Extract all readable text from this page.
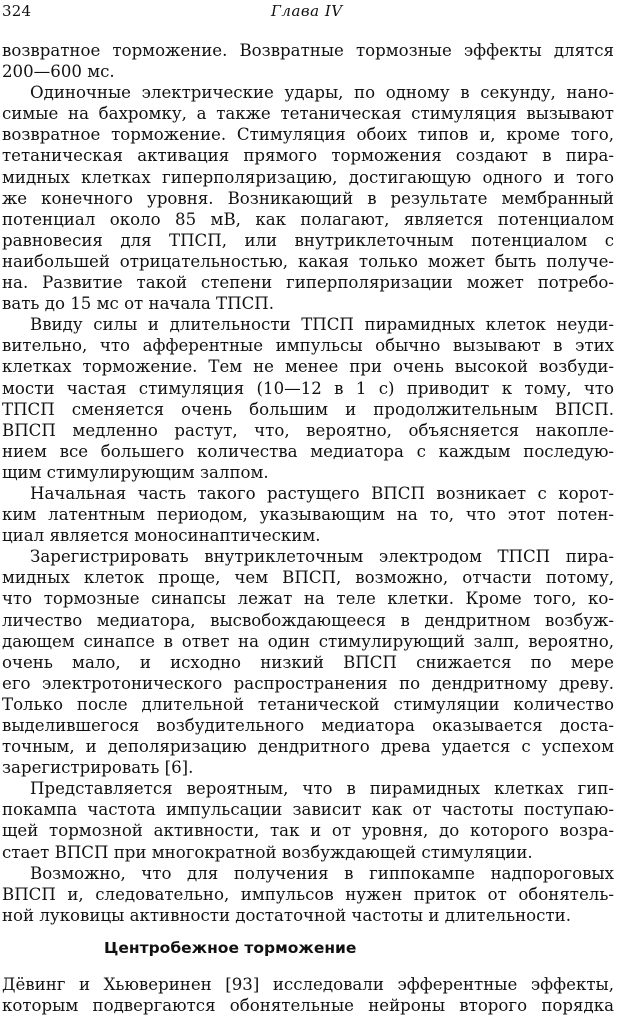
324	Глава IV
возвратное торможение. Возвратные тормозные эффекты длятся
200—600 мс.
Одиночные электрические удары, по одному в секунду, нано-
симые на бахромку, а также тетаническая стимуляция вызывают
возвратное торможение. Стимуляция обоих типов и, кроме того,
тетаническая активация прямого торможения создают в пира-
мидных клетках гиперполяризацию, достигающую одного и того
же конечного уровня. Возникающий в результате мембранный
потенциал около 85 мВ, как полагают, является потенциалом
равновесия для ТПСП, или внутриклеточным потенциалом с
наибольшей отрицательностью, какая только может быть получе-
на. Развитие такой степени гиперполяризации может потребо-
вать до 15 мс от начала ТПСП.
Ввиду силы и длительности ТПСП пирамидных клеток неуди-
вительно, что афферентные импульсы обычно вызывают в этих
клетках торможение. Тем не менее при очень высокой возбуди-
мости частая стимуляция (10—12 в 1 с) приводит к тому, что
ТПСП сменяется очень большим и продолжительным ВПСП.
ВПСП медленно растут, что, вероятно, объясняется накопле-
нием все большего количества медиатора с каждым последую-
щим стимулирующим залпом.
Начальная часть такого растущего ВПСП возникает с корот-
ким латентным периодом, указывающим на то, что этот потен-
циал является моносинаптическим.
Зарегистрировать внутриклеточным электродом ТПСП пира-
мидных клеток проще, чем ВПСП, возможно, отчасти потому,
что тормозные синапсы лежат на теле клетки. Кроме того, ко-
личество медиатора, высвобождающееся в дендритном возбуж-
дающем синапсе в ответ на один стимулирующий залп, вероятно,
очень мало, и исходно низкий ВПСП снижается по мере
его электротонического распространения по дендритному древу.
Только после длительной тетанической стимуляции количество
выделившегося возбудительного медиатора оказывается доста-
точным, и деполяризацию дендритного древа удается с успехом
зарегистрировать [6].
Представляется вероятным, что в пирамидных клетках гип-
покампа частота импульсации зависит как от частоты поступаю-
щей тормозной активности, так и от уровня, до которого возра-
стает ВПСП при многократной возбуждающей стимуляции.
Возможно, что для получения в гиппокампе надпороговых
ВПСП и, следовательно, импульсов нужен приток от обонятель-
ной луковицы активности достаточной частоты и длительности.
Центробежное торможение
Дёвинг и Хьюверинен [93] исследовали эфферентные эффекты,
которым подвергаются обонятельные нейроны второго порядка
